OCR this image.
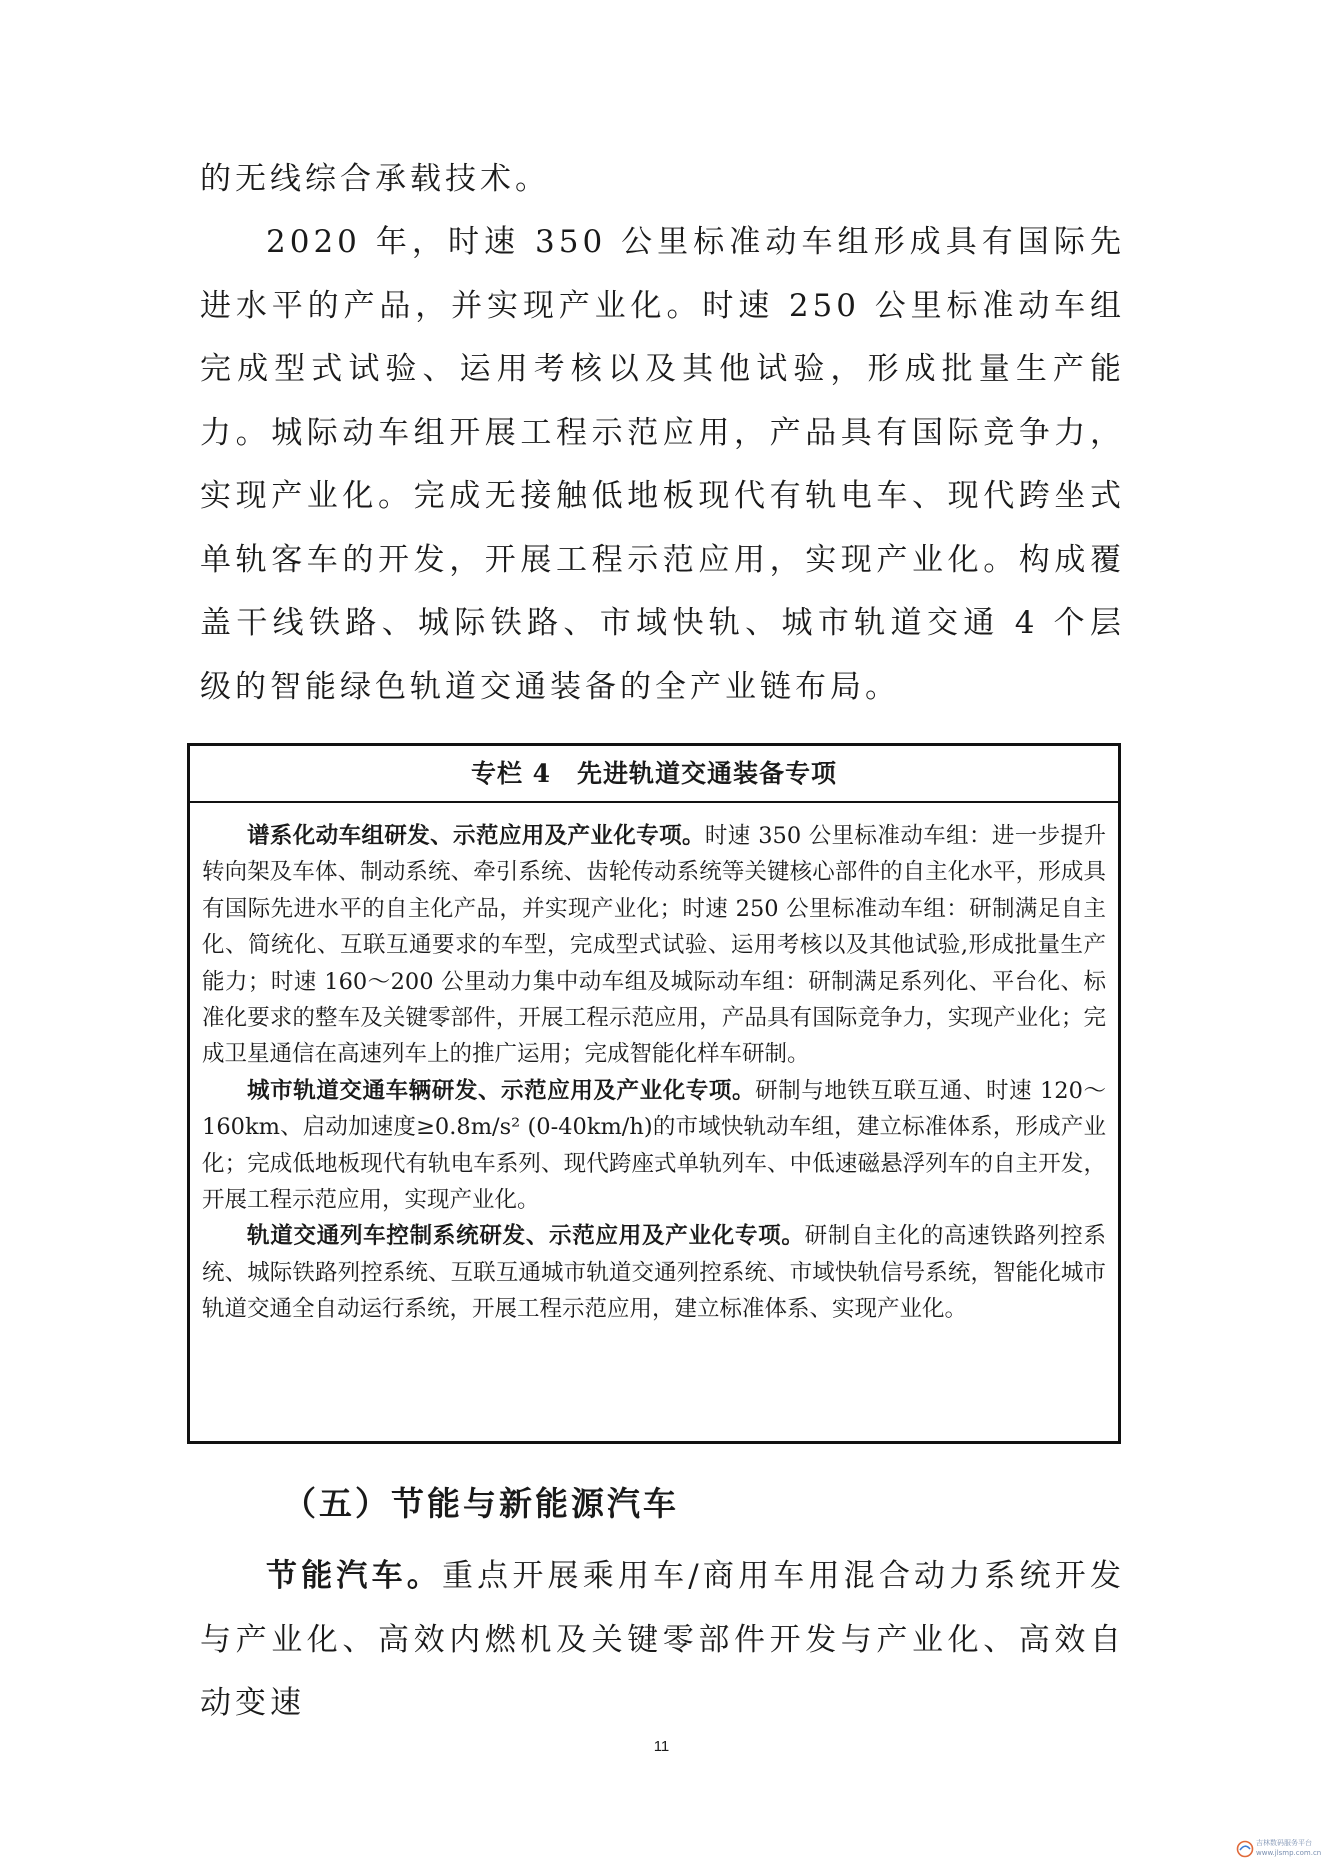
的无线综合承载技术。

2020 年，时速 350 公里标准动车组形成具有国际先进水平的产品，并实现产业化。时速 250 公里标准动车组完成型式试验、运用考核以及其他试验，形成批量生产能力。城际动车组开展工程示范应用，产品具有国际竞争力，实现产业化。完成无接触低地板现代有轨电车、现代跨坐式单轨客车的开发，开展工程示范应用，实现产业化。构成覆盖干线铁路、城际铁路、市域快轨、城市轨道交通 4 个层级的智能绿色轨道交通装备的全产业链布局。

专栏 4　先进轨道交通装备专项

谱系化动车组研发、示范应用及产业化专项。时速 350 公里标准动车组：进一步提升转向架及车体、制动系统、牵引系统、齿轮传动系统等关键核心部件的自主化水平，形成具有国际先进水平的自主化产品，并实现产业化；时速 250 公里标准动车组：研制满足自主化、简统化、互联互通要求的车型，完成型式试验、运用考核以及其他试验,形成批量生产能力；时速 160～200 公里动力集中动车组及城际动车组：研制满足系列化、平台化、标准化要求的整车及关键零部件，开展工程示范应用，产品具有国际竞争力，实现产业化；完成卫星通信在高速列车上的推广运用；完成智能化样车研制。

城市轨道交通车辆研发、示范应用及产业化专项。研制与地铁互联互通、时速 120～160km、启动加速度≥0.8m/s² (0-40km/h)的市域快轨动车组，建立标准体系，形成产业化；完成低地板现代有轨电车系列、现代跨座式单轨列车、中低速磁悬浮列车的自主开发，开展工程示范应用，实现产业化。

轨道交通列车控制系统研发、示范应用及产业化专项。研制自主化的高速铁路列控系统、城际铁路列控系统、互联互通城市轨道交通列控系统、市域快轨信号系统，智能化城市轨道交通全自动运行系统，开展工程示范应用，建立标准体系、实现产业化。

（五）节能与新能源汽车

节能汽车。重点开展乘用车/商用车用混合动力系统开发与产业化、高效内燃机及关键零部件开发与产业化、高效自动变速

11
吉林数码服务平台
www.jlsmp.com.cn
